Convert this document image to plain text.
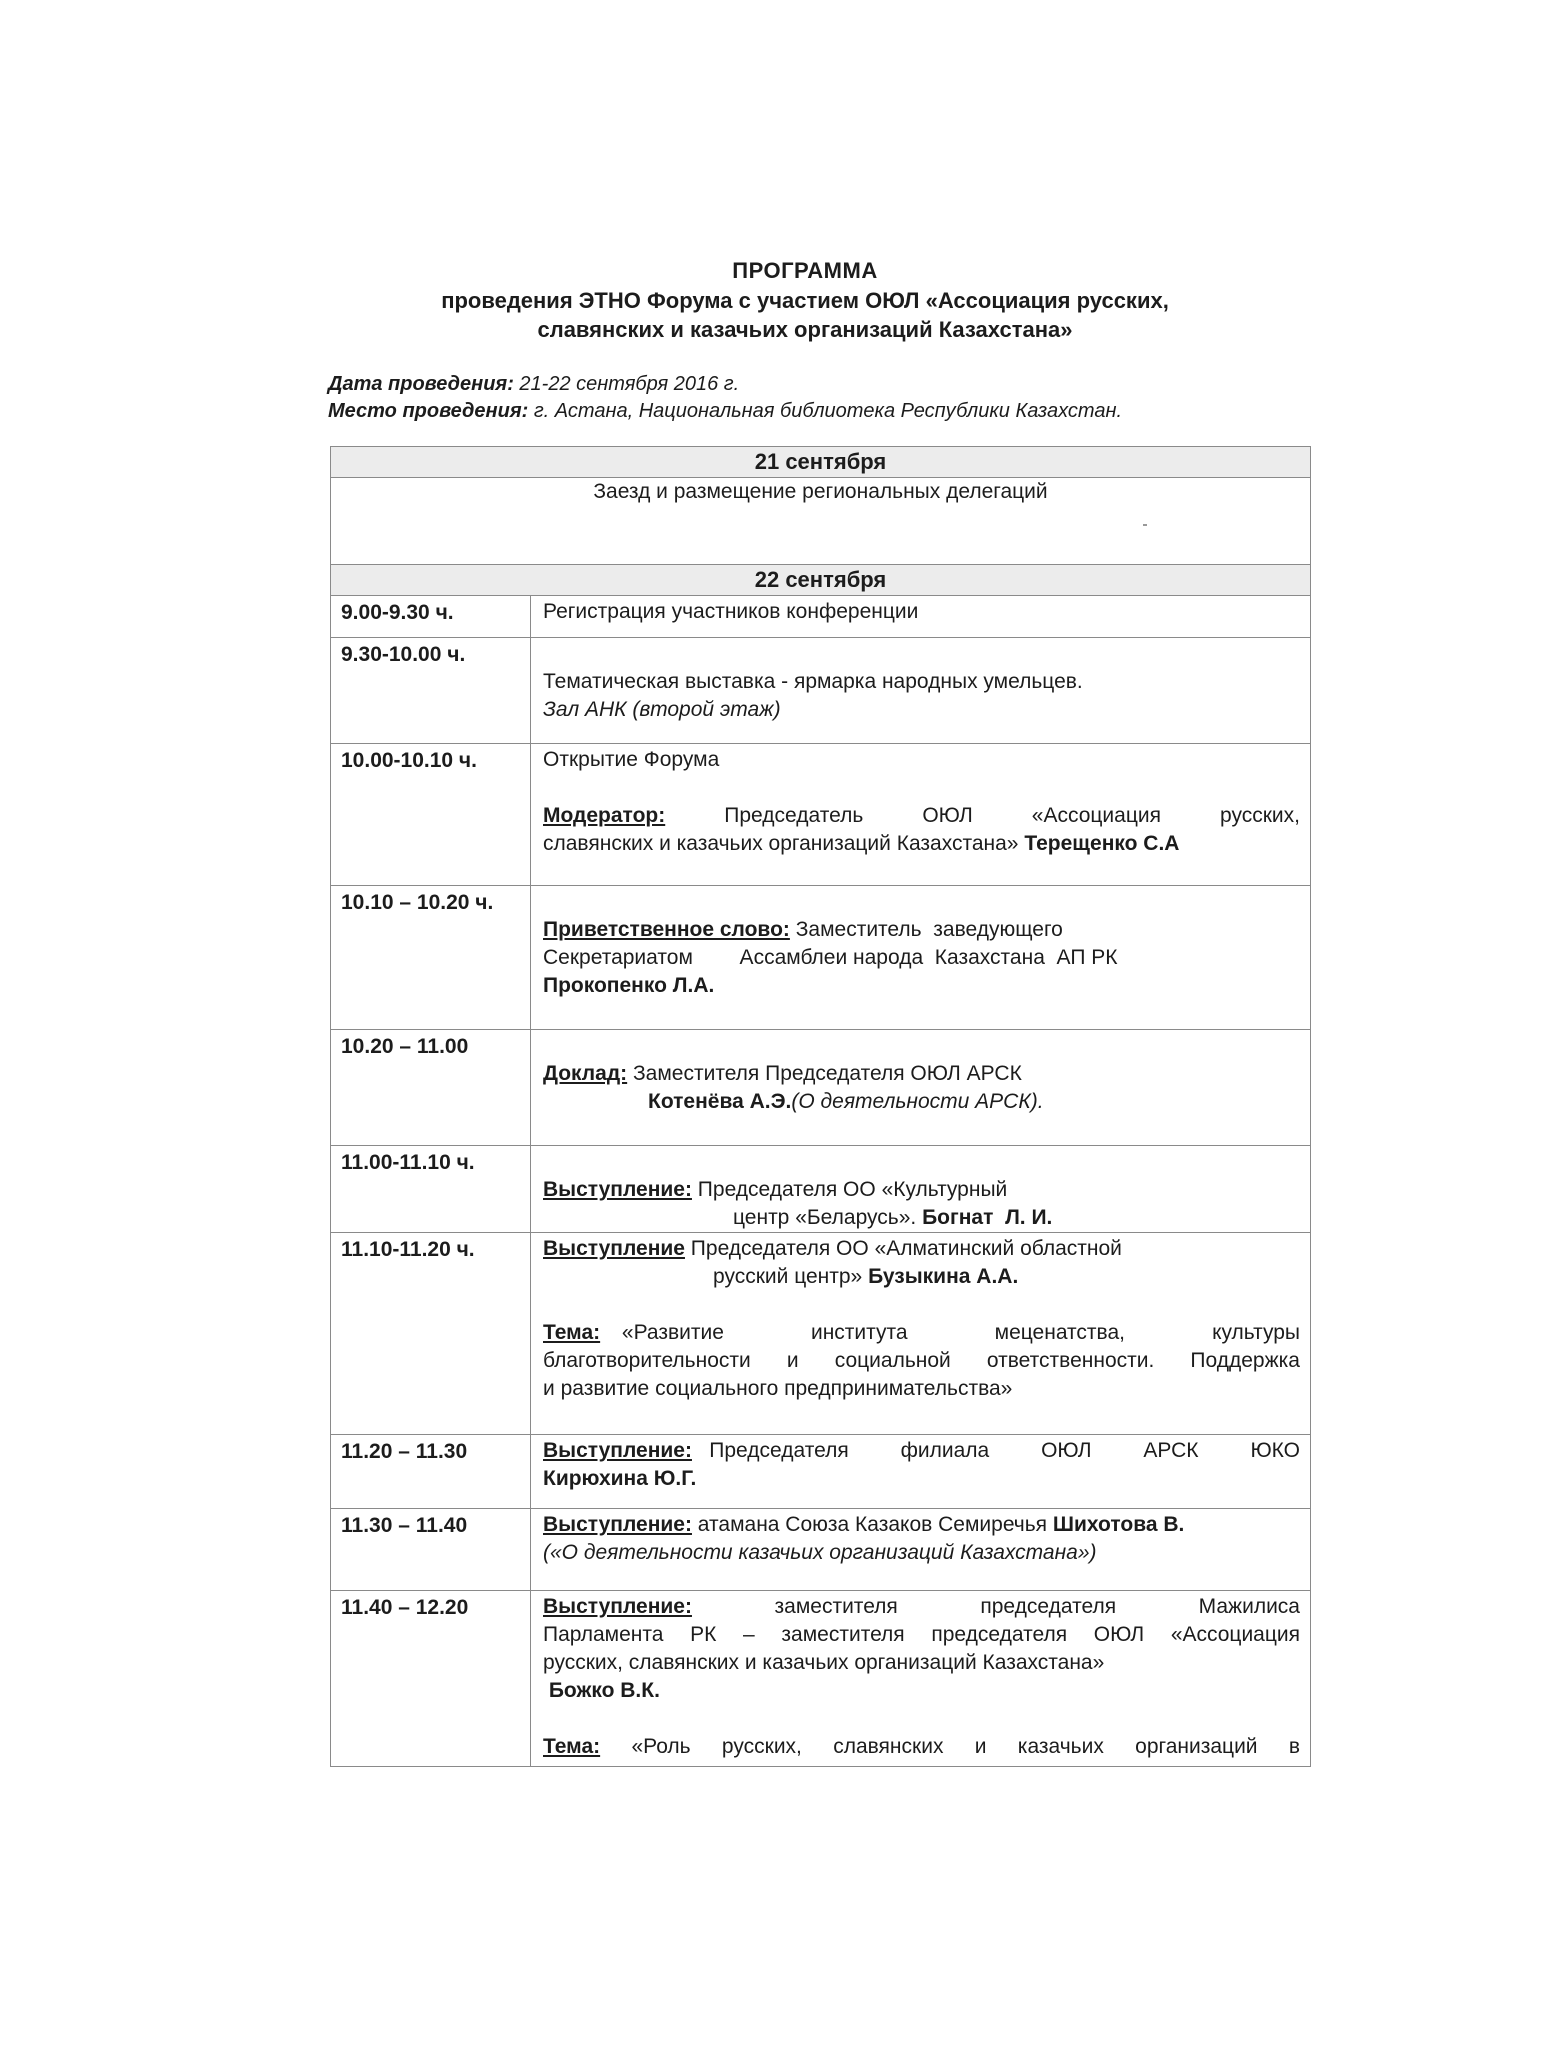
ПРОГРАММА
проведения ЭТНО Форума с участием ОЮЛ «Ассоциация русских,
славянских и казачьих организаций Казахстана»
Дата проведения: 21-22 сентября 2016 г.
Место проведения: г. Астана, Национальная библиотека Республики Казахстан.
21 сентября	
Заезд и размещение региональных делегаций	
22 сентября	
9.00-9.30 ч.	Регистрация участников конференции
9.30-10.00 ч.	Тематическая выставка - ярмарка народных умельцев.
Зал АНК (второй этаж)

10.00-10.10 ч.	Открытие Форума
Модератор: Председатель ОЮЛ «Ассоциация русских,
славянских и казачьих организаций Казахстана» Терещенко С.А

10.10 – 10.20 ч.	Приветственное слово: Заместитель  заведующего
Секретариатом        Ассамблеи народа  Казахстана  АП РК
Прокопенко Л.А.

10.20 – 11.00	Доклад: Заместителя Председателя ОЮЛ АРСК
Котенёва А.Э.(О деятельности АРСК).

11.00-11.10 ч.	Выступление: Председателя ОО «Культурный
центр «Беларусь». Богнат  Л. И.

11.10-11.20 ч.	Выступление Председателя ОО «Алматинский областной
русский центр» Бузыкина А.А.
Тема: «Развитие    института    меценатства,    культуры
благотворительности и социальной ответственности. Поддержка
и развитие социального предпринимательства»

11.20 – 11.30	Выступление: Председателя   филиала   ОЮЛ   АРСК   ЮКО
Кирюхина Ю.Г.

11.30 – 11.40	Выступление: атамана Союза Казаков Семиречья Шихотова В.
(«О деятельности казачьих организаций Казахстана»)

11.40 – 12.20	Выступление:     заместителя     председателя     Мажилиса
Парламента РК – заместителя председателя ОЮЛ «Ассоциация
русских, славянских и казачьих организаций Казахстана»
Божко В.К.
Тема:  «Роль  русских,  славянских  и  казачьих  организаций  в
